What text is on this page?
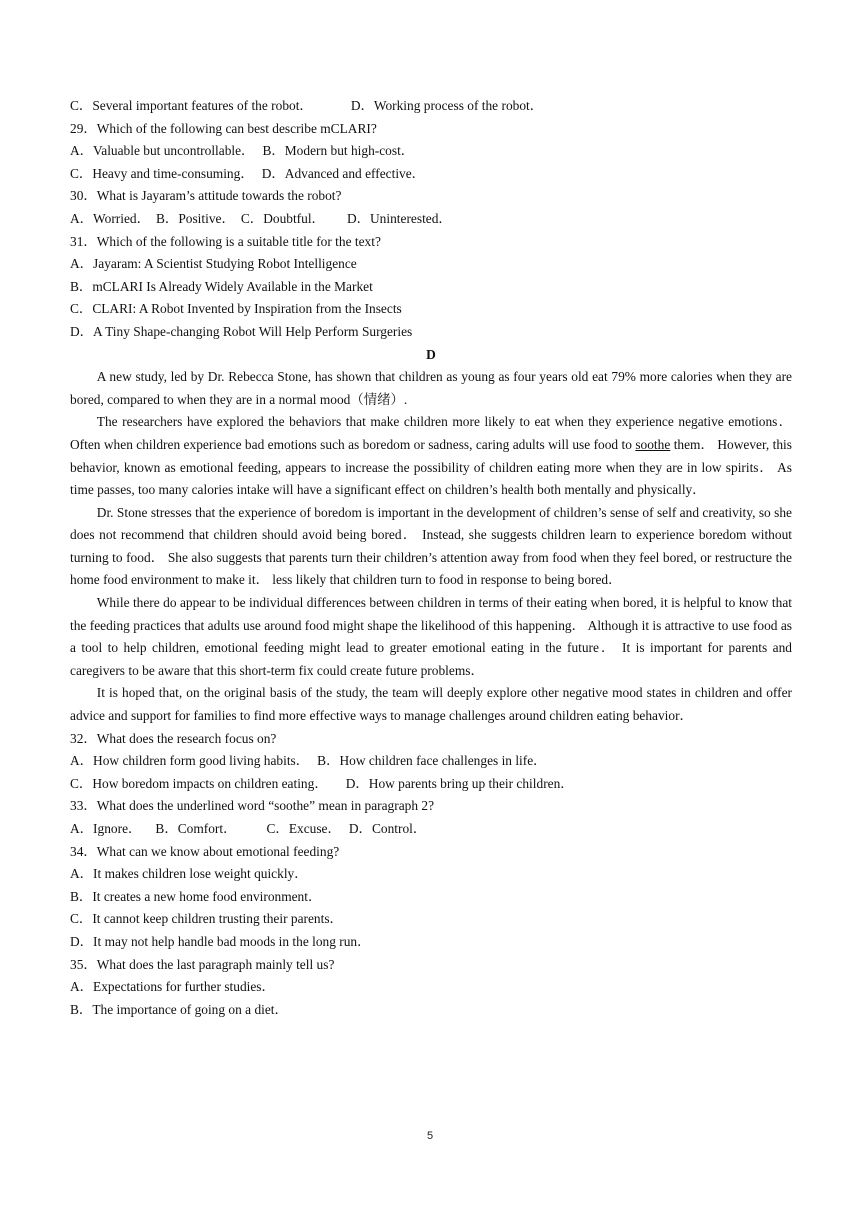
C．Several important features of the robot．	D．Working process of the robot．
29．Which of the following can best describe mCLARI?
A．Valuable but uncontrollable． B．Modern but high-cost．
C．Heavy and time-consuming． D．Advanced and effective．
30．What is Jayaram’s attitude towards the robot?
A．Worried． B．Positive． C．Doubtful． D．Uninterested．
31．Which of the following is a suitable title for the text?
A．Jayaram: A Scientist Studying Robot Intelligence
B．mCLARI Is Already Widely Available in the Market
C．CLARI: A Robot Invented by Inspiration from the Insects
D．A Tiny Shape-changing Robot Will Help Perform Surgeries
D
A new study, led by Dr. Rebecca Stone, has shown that children as young as four years old eat 79% more calories when they are bored, compared to when they are in a normal mood（情绪）.
The researchers have explored the behaviors that make children more likely to eat when they experience negative emotions． Often when children experience bad emotions such as boredom or sadness, caring adults will use food to soothe them． However, this behavior, known as emotional feeding, appears to increase the possibility of children eating more when they are in low spirits． As time passes, too many calories intake will have a significant effect on children’s health both mentally and physically．
Dr. Stone stresses that the experience of boredom is important in the development of children’s sense of self and creativity, so she does not recommend that children should avoid being bored． Instead, she suggests children learn to experience boredom without turning to food． She also suggests that parents turn their children’s attention away from food when they feel bored, or restructure the home food environment to make it． less likely that children turn to food in response to being bored．
While there do appear to be individual differences between children in terms of their eating when bored, it is helpful to know that the feeding practices that adults use around food might shape the likelihood of this happening． Although it is attractive to use food as a tool to help children, emotional feeding might lead to greater emotional eating in the future． It is important for parents and caregivers to be aware that this short-term fix could create future problems．
It is hoped that, on the original basis of the study, the team will deeply explore other negative mood states in children and offer advice and support for families to find more effective ways to manage challenges around children eating behavior．
32．What does the research focus on?
A．How children form good living habits． B．How children face challenges in life．
C．How boredom impacts on children eating． D．How parents bring up their children．
33．What does the underlined word “soothe” mean in paragraph 2?
A．Ignore． B．Comfort． C．Excuse． D．Control．
34．What can we know about emotional feeding?
A．It makes children lose weight quickly．
B．It creates a new home food environment．
C．It cannot keep children trusting their parents．
D．It may not help handle bad moods in the long run．
35．What does the last paragraph mainly tell us?
A．Expectations for further studies．
B．The importance of going on a diet．
5
